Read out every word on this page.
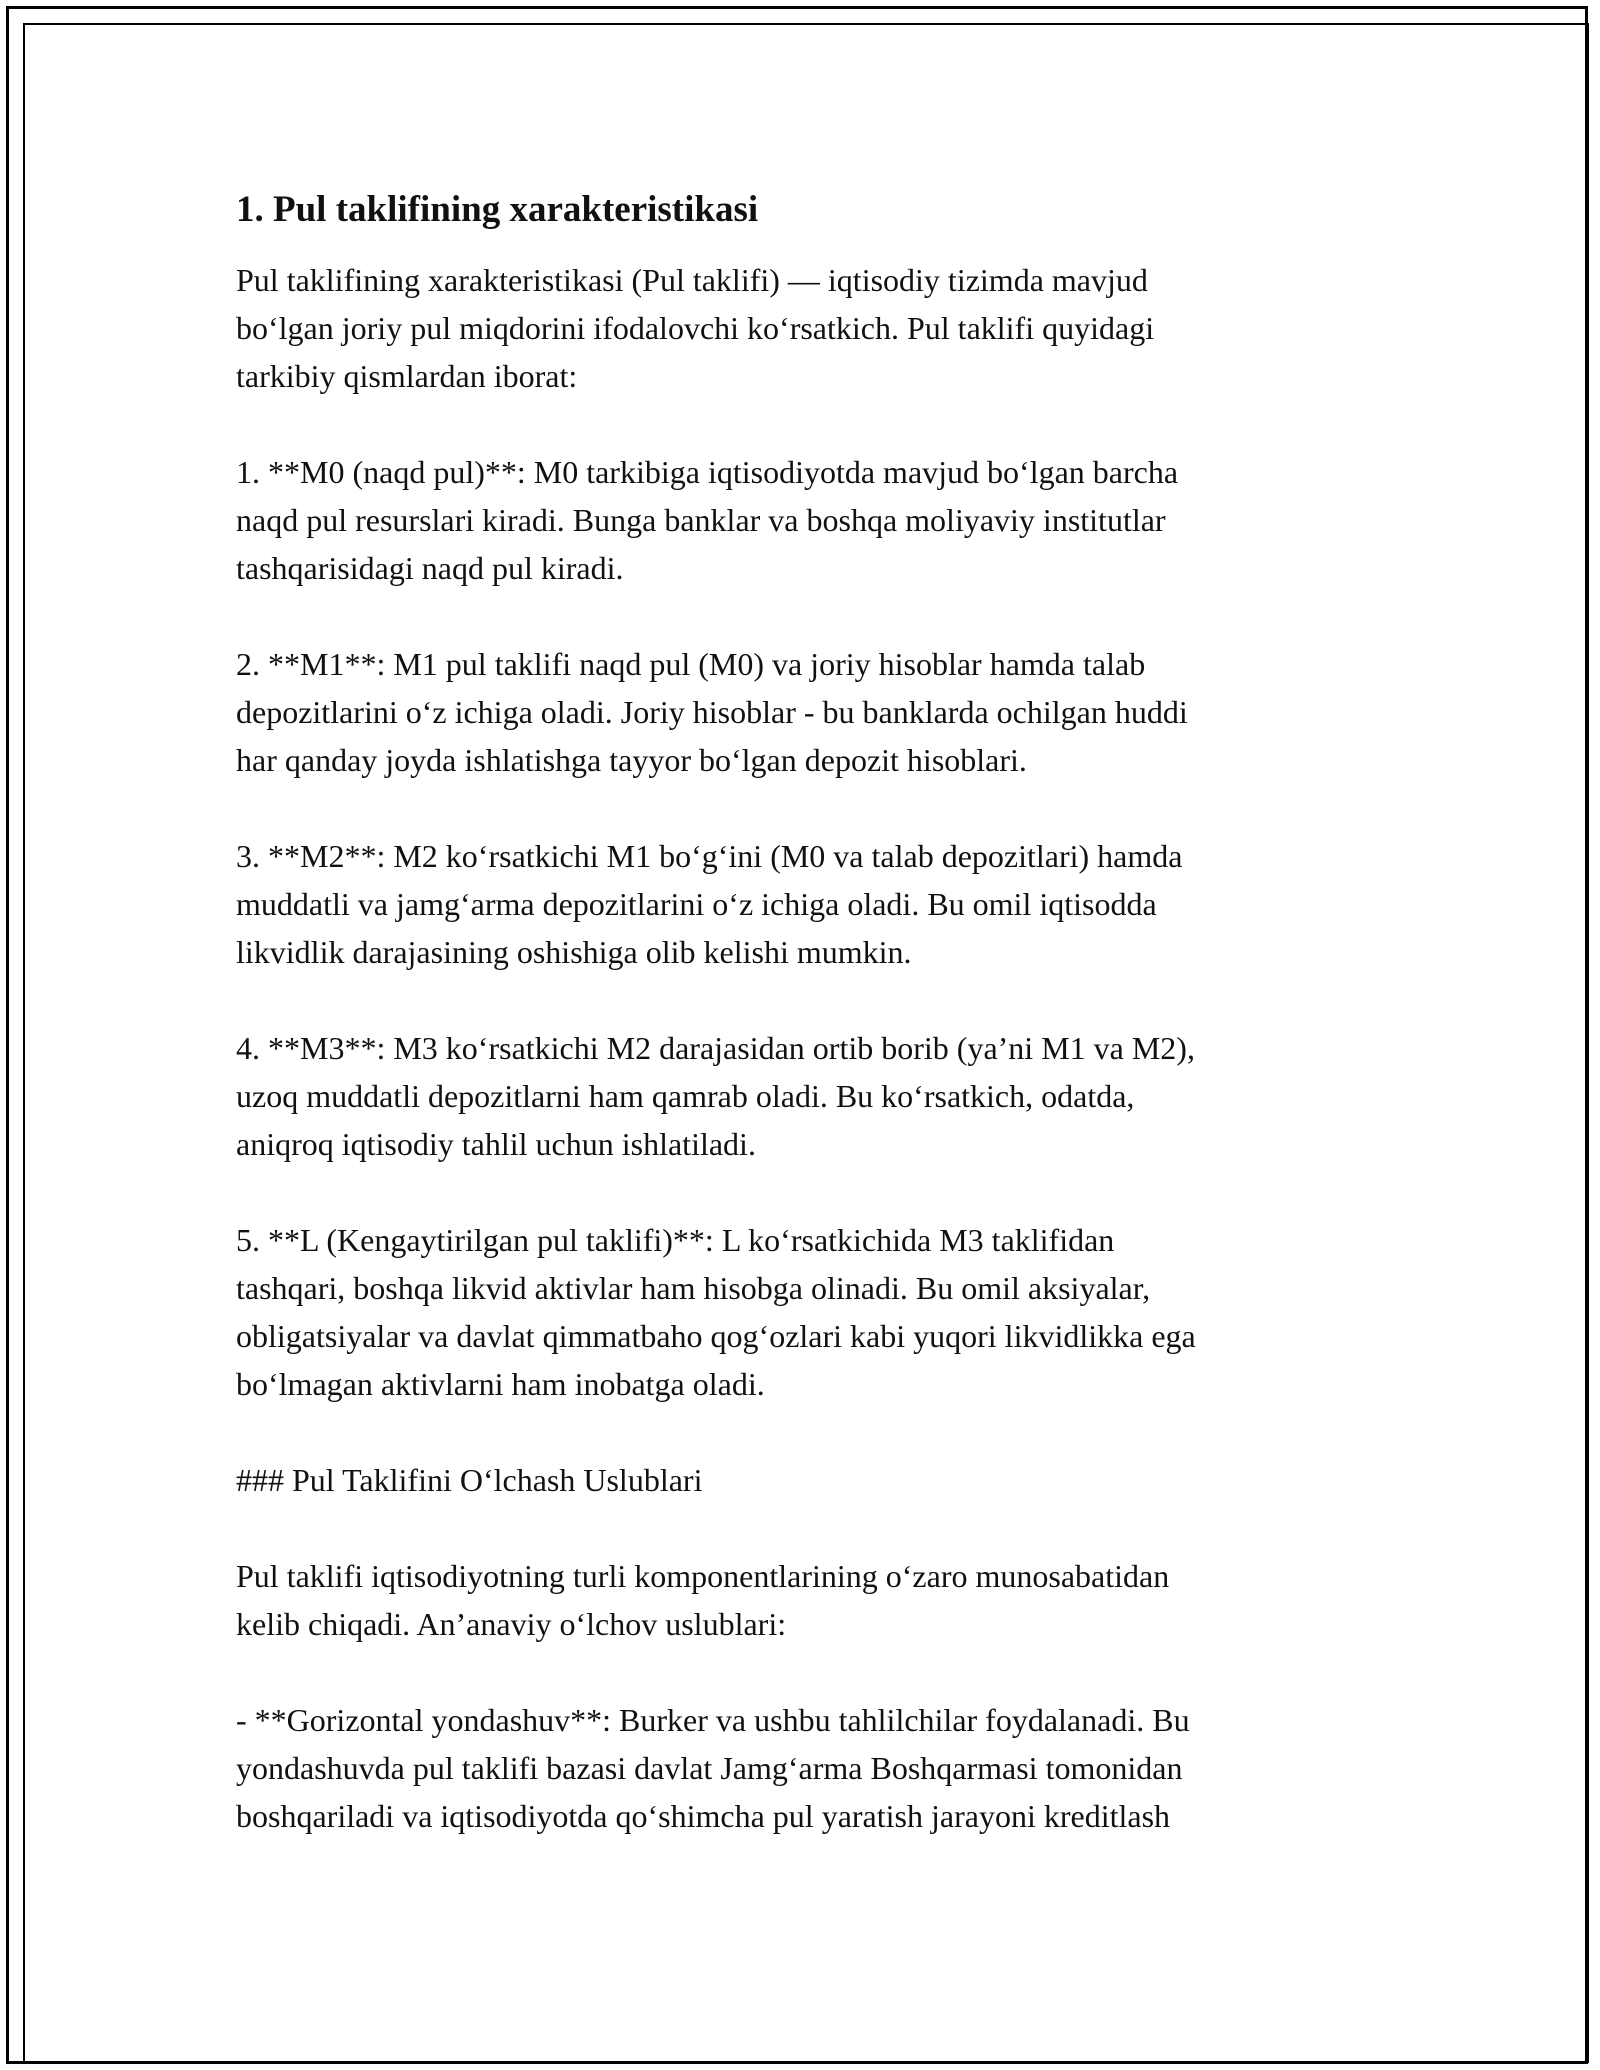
1. Pul taklifining xarakteristikasi
Pul taklifining xarakteristikasi (Pul taklifi) — iqtisodiy tizimda mavjud
bo‘lgan joriy pul miqdorini ifodalovchi ko‘rsatkich. Pul taklifi quyidagi
tarkibiy qismlardan iborat:
1. **M0 (naqd pul)**: M0 tarkibiga iqtisodiyotda mavjud bo‘lgan barcha
naqd pul resurslari kiradi. Bunga banklar va boshqa moliyaviy institutlar
tashqarisidagi naqd pul kiradi.
2. **M1**: M1 pul taklifi naqd pul (M0) va joriy hisoblar hamda talab
depozitlarini o‘z ichiga oladi. Joriy hisoblar - bu banklarda ochilgan huddi
har qanday joyda ishlatishga tayyor bo‘lgan depozit hisoblari.
3. **M2**: M2 ko‘rsatkichi M1 bo‘g‘ini (M0 va talab depozitlari) hamda
muddatli va jamg‘arma depozitlarini o‘z ichiga oladi. Bu omil iqtisodda
likvidlik darajasining oshishiga olib kelishi mumkin.
4. **M3**: M3 ko‘rsatkichi M2 darajasidan ortib borib (ya’ni M1 va M2),
uzoq muddatli depozitlarni ham qamrab oladi. Bu ko‘rsatkich, odatda,
aniqroq iqtisodiy tahlil uchun ishlatiladi.
5. **L (Kengaytirilgan pul taklifi)**: L ko‘rsatkichida M3 taklifidan
tashqari, boshqa likvid aktivlar ham hisobga olinadi. Bu omil aksiyalar,
obligatsiyalar va davlat qimmatbaho qog‘ozlari kabi yuqori likvidlikka ega
bo‘lmagan aktivlarni ham inobatga oladi.
### Pul Taklifini O‘lchash Uslublari
Pul taklifi iqtisodiyotning turli komponentlarining o‘zaro munosabatidan
kelib chiqadi. An’anaviy o‘lchov uslublari:
- **Gorizontal yondashuv**: Burker va ushbu tahlilchilar foydalanadi. Bu
yondashuvda pul taklifi bazasi davlat Jamg‘arma Boshqarmasi tomonidan
boshqariladi va iqtisodiyotda qo‘shimcha pul yaratish jarayoni kreditlash
